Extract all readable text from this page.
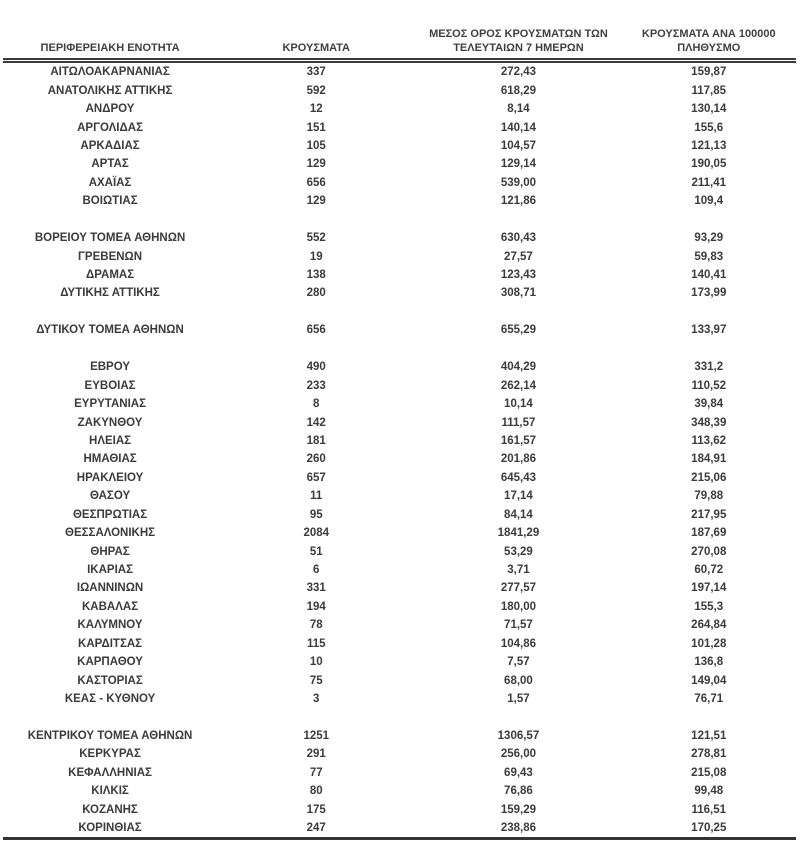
ΠΕΡΙΦΕΡΕΙΑΚΗ ΕΝΟΤΗΤΑ	ΚΡΟΥΣΜΑΤΑ	ΜΕΣΟΣ ΟΡΟΣ ΚΡΟΥΣΜΑΤΩΝ ΤΩΝ ΤΕΛΕΥΤΑΙΩΝ 7 ΗΜΕΡΩΝ	ΚΡΟΥΣΜΑΤΑ ΑΝΑ 100000 ΠΛΗΘΥΣΜΟ
ΑΙΤΩΛΟΑΚΑΡΝΑΝΙΑΣ	337	272,43	159,87
ΑΝΑΤΟΛΙΚΗΣ ΑΤΤΙΚΗΣ	592	618,29	117,85
ΑΝΔΡΟΥ	12	8,14	130,14
ΑΡΓΟΛΙΔΑΣ	151	140,14	155,6
ΑΡΚΑΔΙΑΣ	105	104,57	121,13
ΑΡΤΑΣ	129	129,14	190,05
ΑΧΑΪΑΣ	656	539,00	211,41
ΒΟΙΩΤΙΑΣ	129	121,86	109,4

ΒΟΡΕΙΟΥ ΤΟΜΕΑ ΑΘΗΝΩΝ	552	630,43	93,29
ΓΡΕΒΕΝΩΝ	19	27,57	59,83
ΔΡΑΜΑΣ	138	123,43	140,41
ΔΥΤΙΚΗΣ ΑΤΤΙΚΗΣ	280	308,71	173,99

ΔΥΤΙΚΟΥ ΤΟΜΕΑ ΑΘΗΝΩΝ	656	655,29	133,97

ΕΒΡΟΥ	490	404,29	331,2
ΕΥΒΟΙΑΣ	233	262,14	110,52
ΕΥΡΥΤΑΝΙΑΣ	8	10,14	39,84
ΖΑΚΥΝΘΟΥ	142	111,57	348,39
ΗΛΕΙΑΣ	181	161,57	113,62
ΗΜΑΘΙΑΣ	260	201,86	184,91
ΗΡΑΚΛΕΙΟΥ	657	645,43	215,06
ΘΑΣΟΥ	11	17,14	79,88
ΘΕΣΠΡΩΤΙΑΣ	95	84,14	217,95
ΘΕΣΣΑΛΟΝΙΚΗΣ	2084	1841,29	187,69
ΘΗΡΑΣ	51	53,29	270,08
ΙΚΑΡΙΑΣ	6	3,71	60,72
ΙΩΑΝΝΙΝΩΝ	331	277,57	197,14
ΚΑΒΑΛΑΣ	194	180,00	155,3
ΚΑΛΥΜΝΟΥ	78	71,57	264,84
ΚΑΡΔΙΤΣΑΣ	115	104,86	101,28
ΚΑΡΠΑΘΟΥ	10	7,57	136,8
ΚΑΣΤΟΡΙΑΣ	75	68,00	149,04
ΚΕΑΣ - ΚΥΘΝΟΥ	3	1,57	76,71

ΚΕΝΤΡΙΚΟΥ ΤΟΜΕΑ ΑΘΗΝΩΝ	1251	1306,57	121,51
ΚΕΡΚΥΡΑΣ	291	256,00	278,81
ΚΕΦΑΛΛΗΝΙΑΣ	77	69,43	215,08
ΚΙΛΚΙΣ	80	76,86	99,48
ΚΟΖΑΝΗΣ	175	159,29	116,51
ΚΟΡΙΝΘΙΑΣ	247	238,86	170,25
